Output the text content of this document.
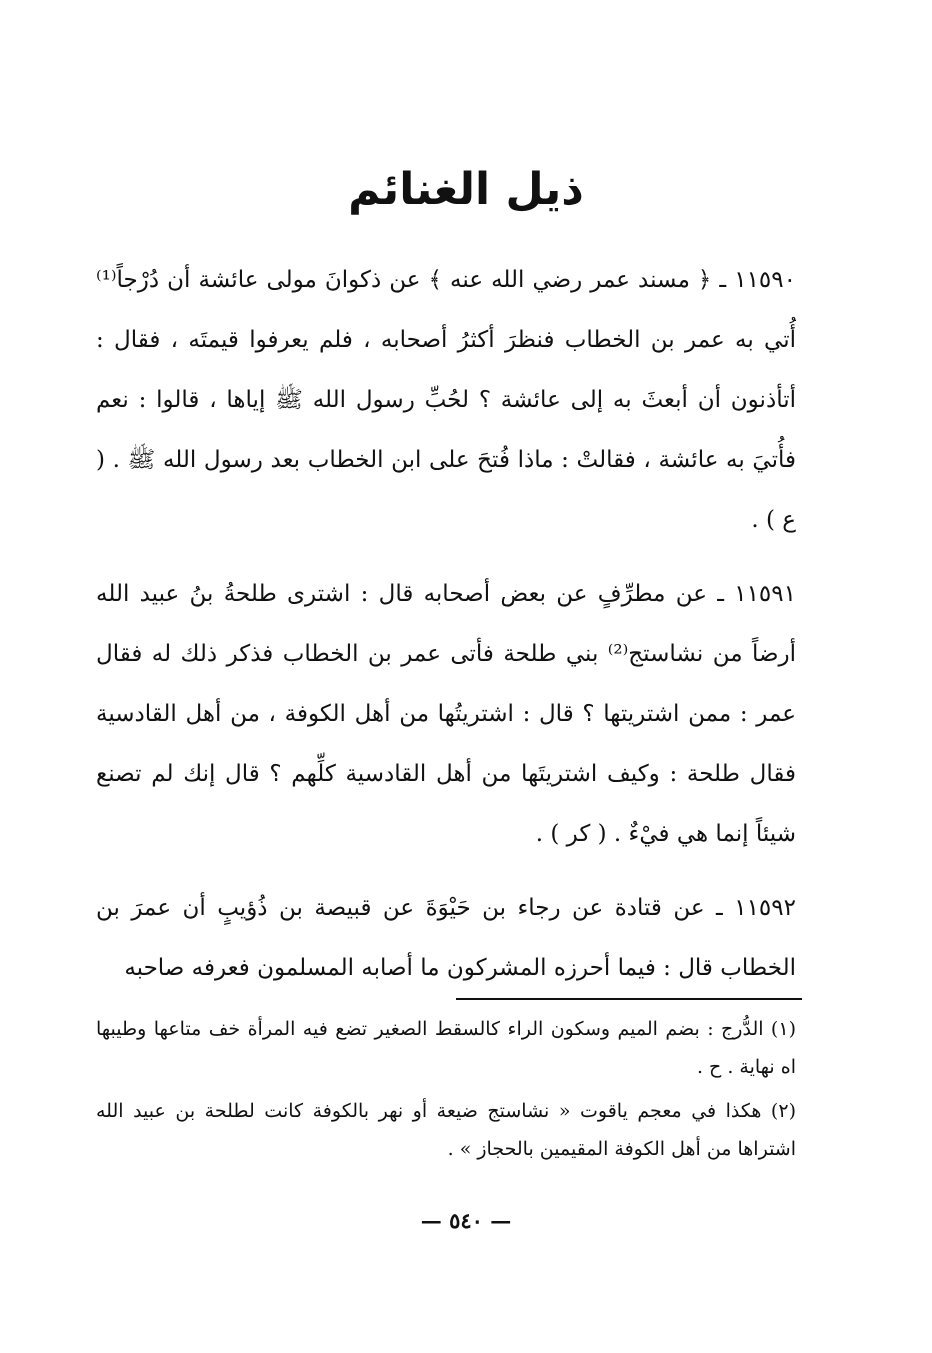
ذيل الغنائم

١١٥٩٠ ـ ﴿ مسند عمر رضي الله عنه ﴾ عن ذكوانَ مولى عائشة أن دُرْجاً⁽¹⁾ أُتي به عمر بن الخطاب فنظرَ أكثرُ أصحابه ، فلم يعرفوا قيمتَه ، فقال : أتأذنون أن أبعثَ به إلى عائشة ؟ لحُبِّ رسول الله ﷺ إياها ، قالوا : نعم فأُتيَ به عائشة ، فقالتْ : ماذا فُتحَ على ابن الخطاب بعد رسول الله ﷺ . ( ع ) .

١١٥٩١ ـ عن مطرِّفٍ عن بعض أصحابه قال : اشترى طلحةُ بنُ عبيد الله أرضاً من نشاستج⁽²⁾ بني طلحة فأتى عمر بن الخطاب فذكر ذلك له فقال عمر : ممن اشتريتها ؟ قال : اشتريتُها من أهل الكوفة ، من أهل القادسية فقال طلحة : وكيف اشتريتَها من أهل القادسية كلِّهم ؟ قال إنك لم تصنع شيئاً إنما هي فيْءٌ . ( كر ) .

١١٥٩٢ ـ عن قتادة عن رجاء بن حَيْوَةَ عن قبيصة بن ذُؤيبٍ أن عمرَ بن الخطاب قال : فيما أحرزه المشركون ما أصابه المسلمون فعرفه صاحبه

(١) الدُّرج : بضم الميم وسكون الراء كالسقط الصغير تضع فيه المرأة خف متاعها وطيبها اه نهاية . ح .

(٢) هكذا في معجم ياقوت « نشاستج ضيعة أو نهر بالكوفة كانت لطلحة بن عبيد الله اشتراها من أهل الكوفة المقيمين بالحجاز » .

— ٥٤٠ —
